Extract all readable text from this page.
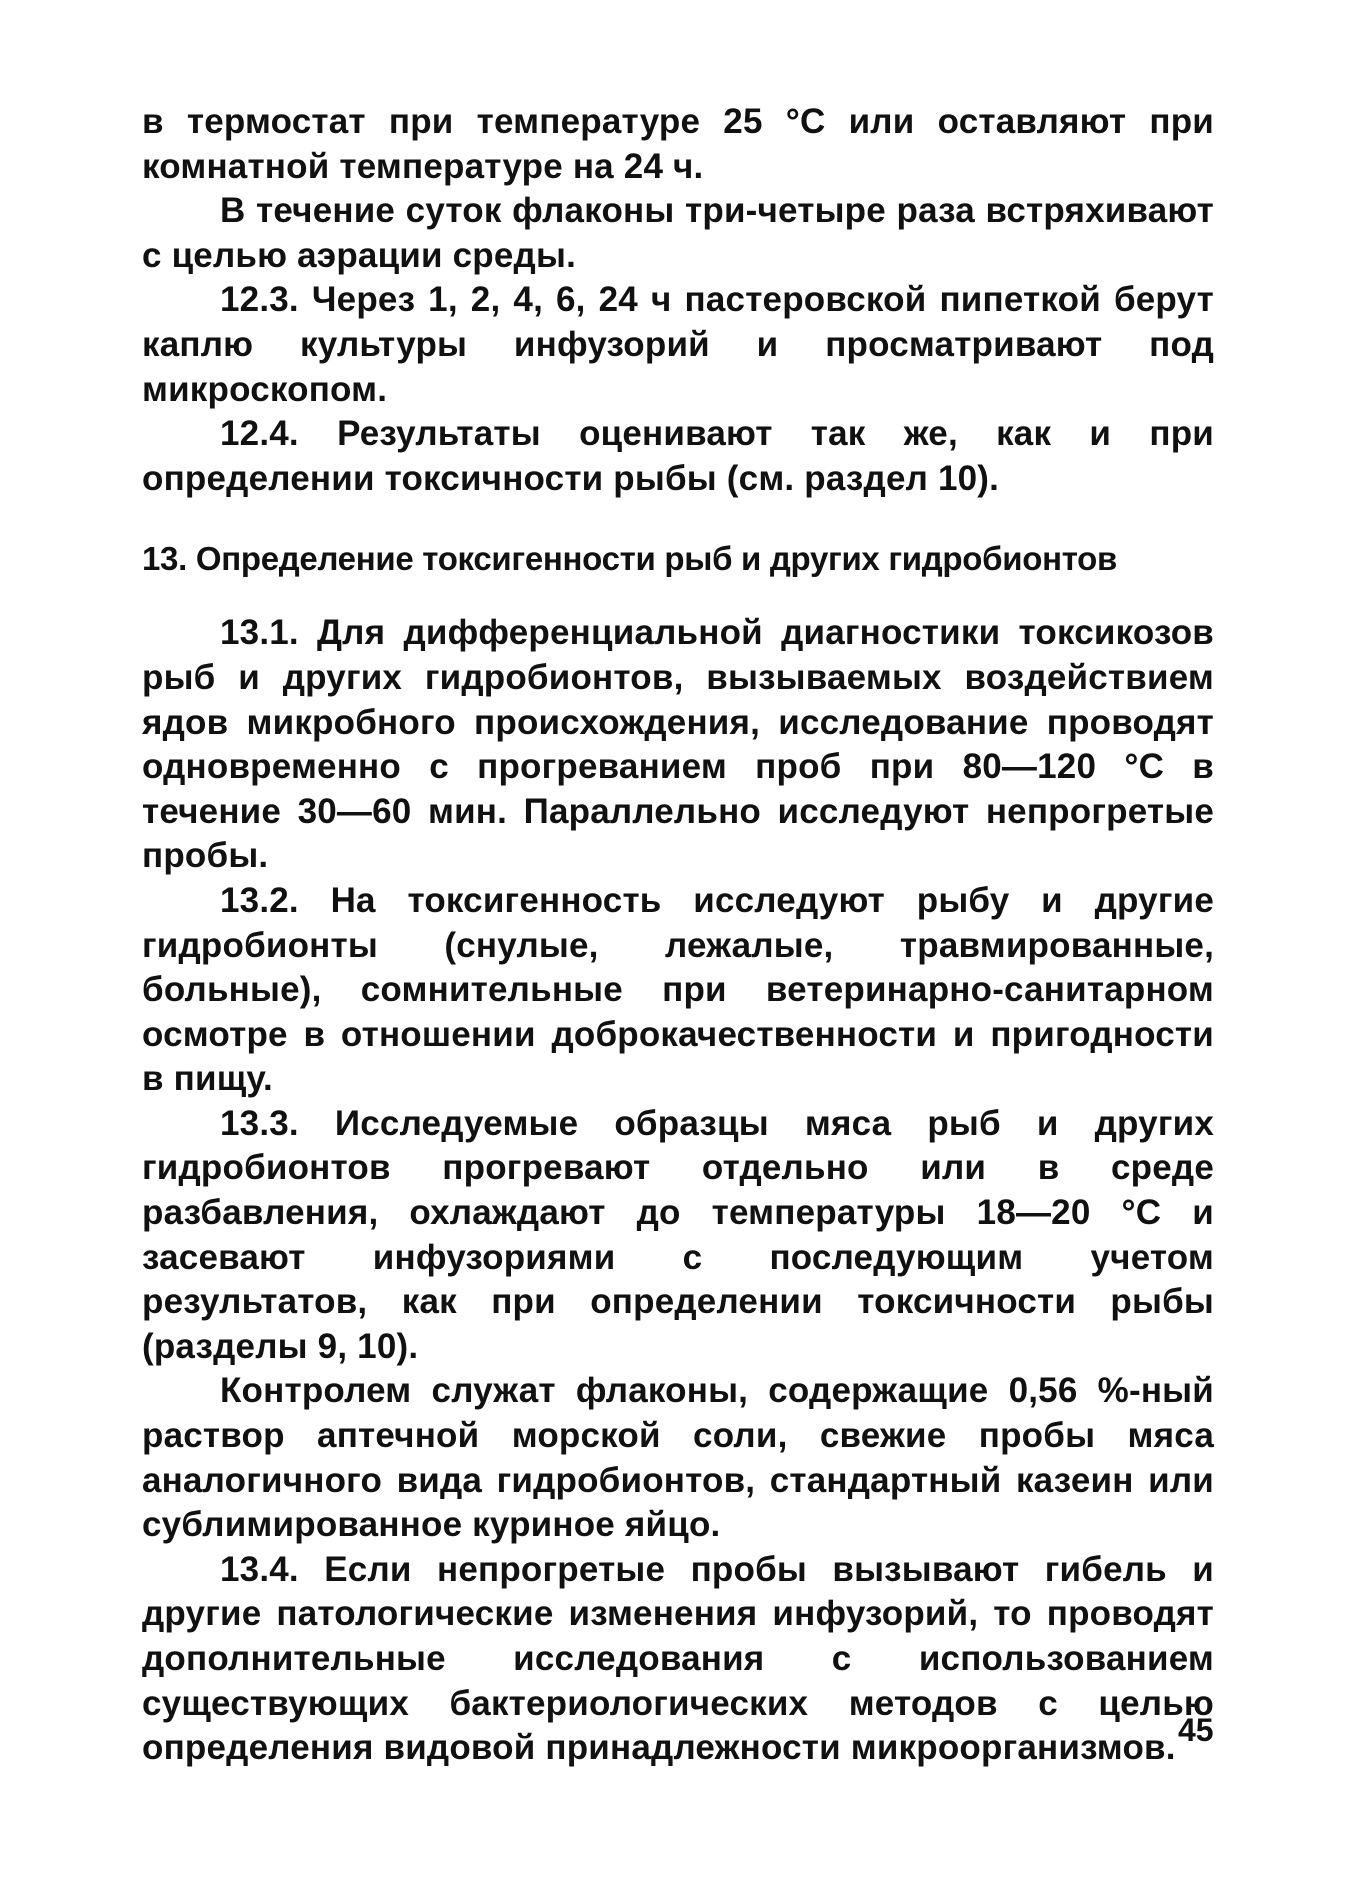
в термостат при температуре 25 °С или оставляют при комнатной температуре на 24 ч.

В течение суток флаконы три-четыре раза встряхивают с целью аэрации среды.

12.3. Через 1, 2, 4, 6, 24 ч пастеровской пипеткой берут каплю культуры инфузорий и просматривают под микроскопом.

12.4. Результаты оценивают так же, как и при определении токсичности рыбы (см. раздел 10).

13. Определение токсигенности рыб и других гидробионтов

13.1. Для дифференциальной диагностики токсикозов рыб и других гидробионтов, вызываемых воздействием ядов микробного происхождения, исследование проводят одновременно с прогреванием проб при 80—120 °С в течение 30—60 мин. Параллельно исследуют непрогретые пробы.

13.2. На токсигенность исследуют рыбу и другие гидробионты (снулые, лежалые, травмированные, больные), сомнительные при ветеринарно-санитарном осмотре в отношении доброкачественности и пригодности в пищу.

13.3. Исследуемые образцы мяса рыб и других гидробионтов прогревают отдельно или в среде разбавления, охлаждают до температуры 18—20 °С и засевают инфузориями с последующим учетом результатов, как при определении токсичности рыбы (разделы 9, 10).

Контролем служат флаконы, содержащие 0,56 %-ный раствор аптечной морской соли, свежие пробы мяса аналогичного вида гидробионтов, стандартный казеин или сублимированное куриное яйцо.

13.4. Если непрогретые пробы вызывают гибель и другие патологические изменения инфузорий, то проводят дополнительные исследования с использованием существующих бактериологических методов с целью определения видовой принадлежности микроорганизмов. 45
